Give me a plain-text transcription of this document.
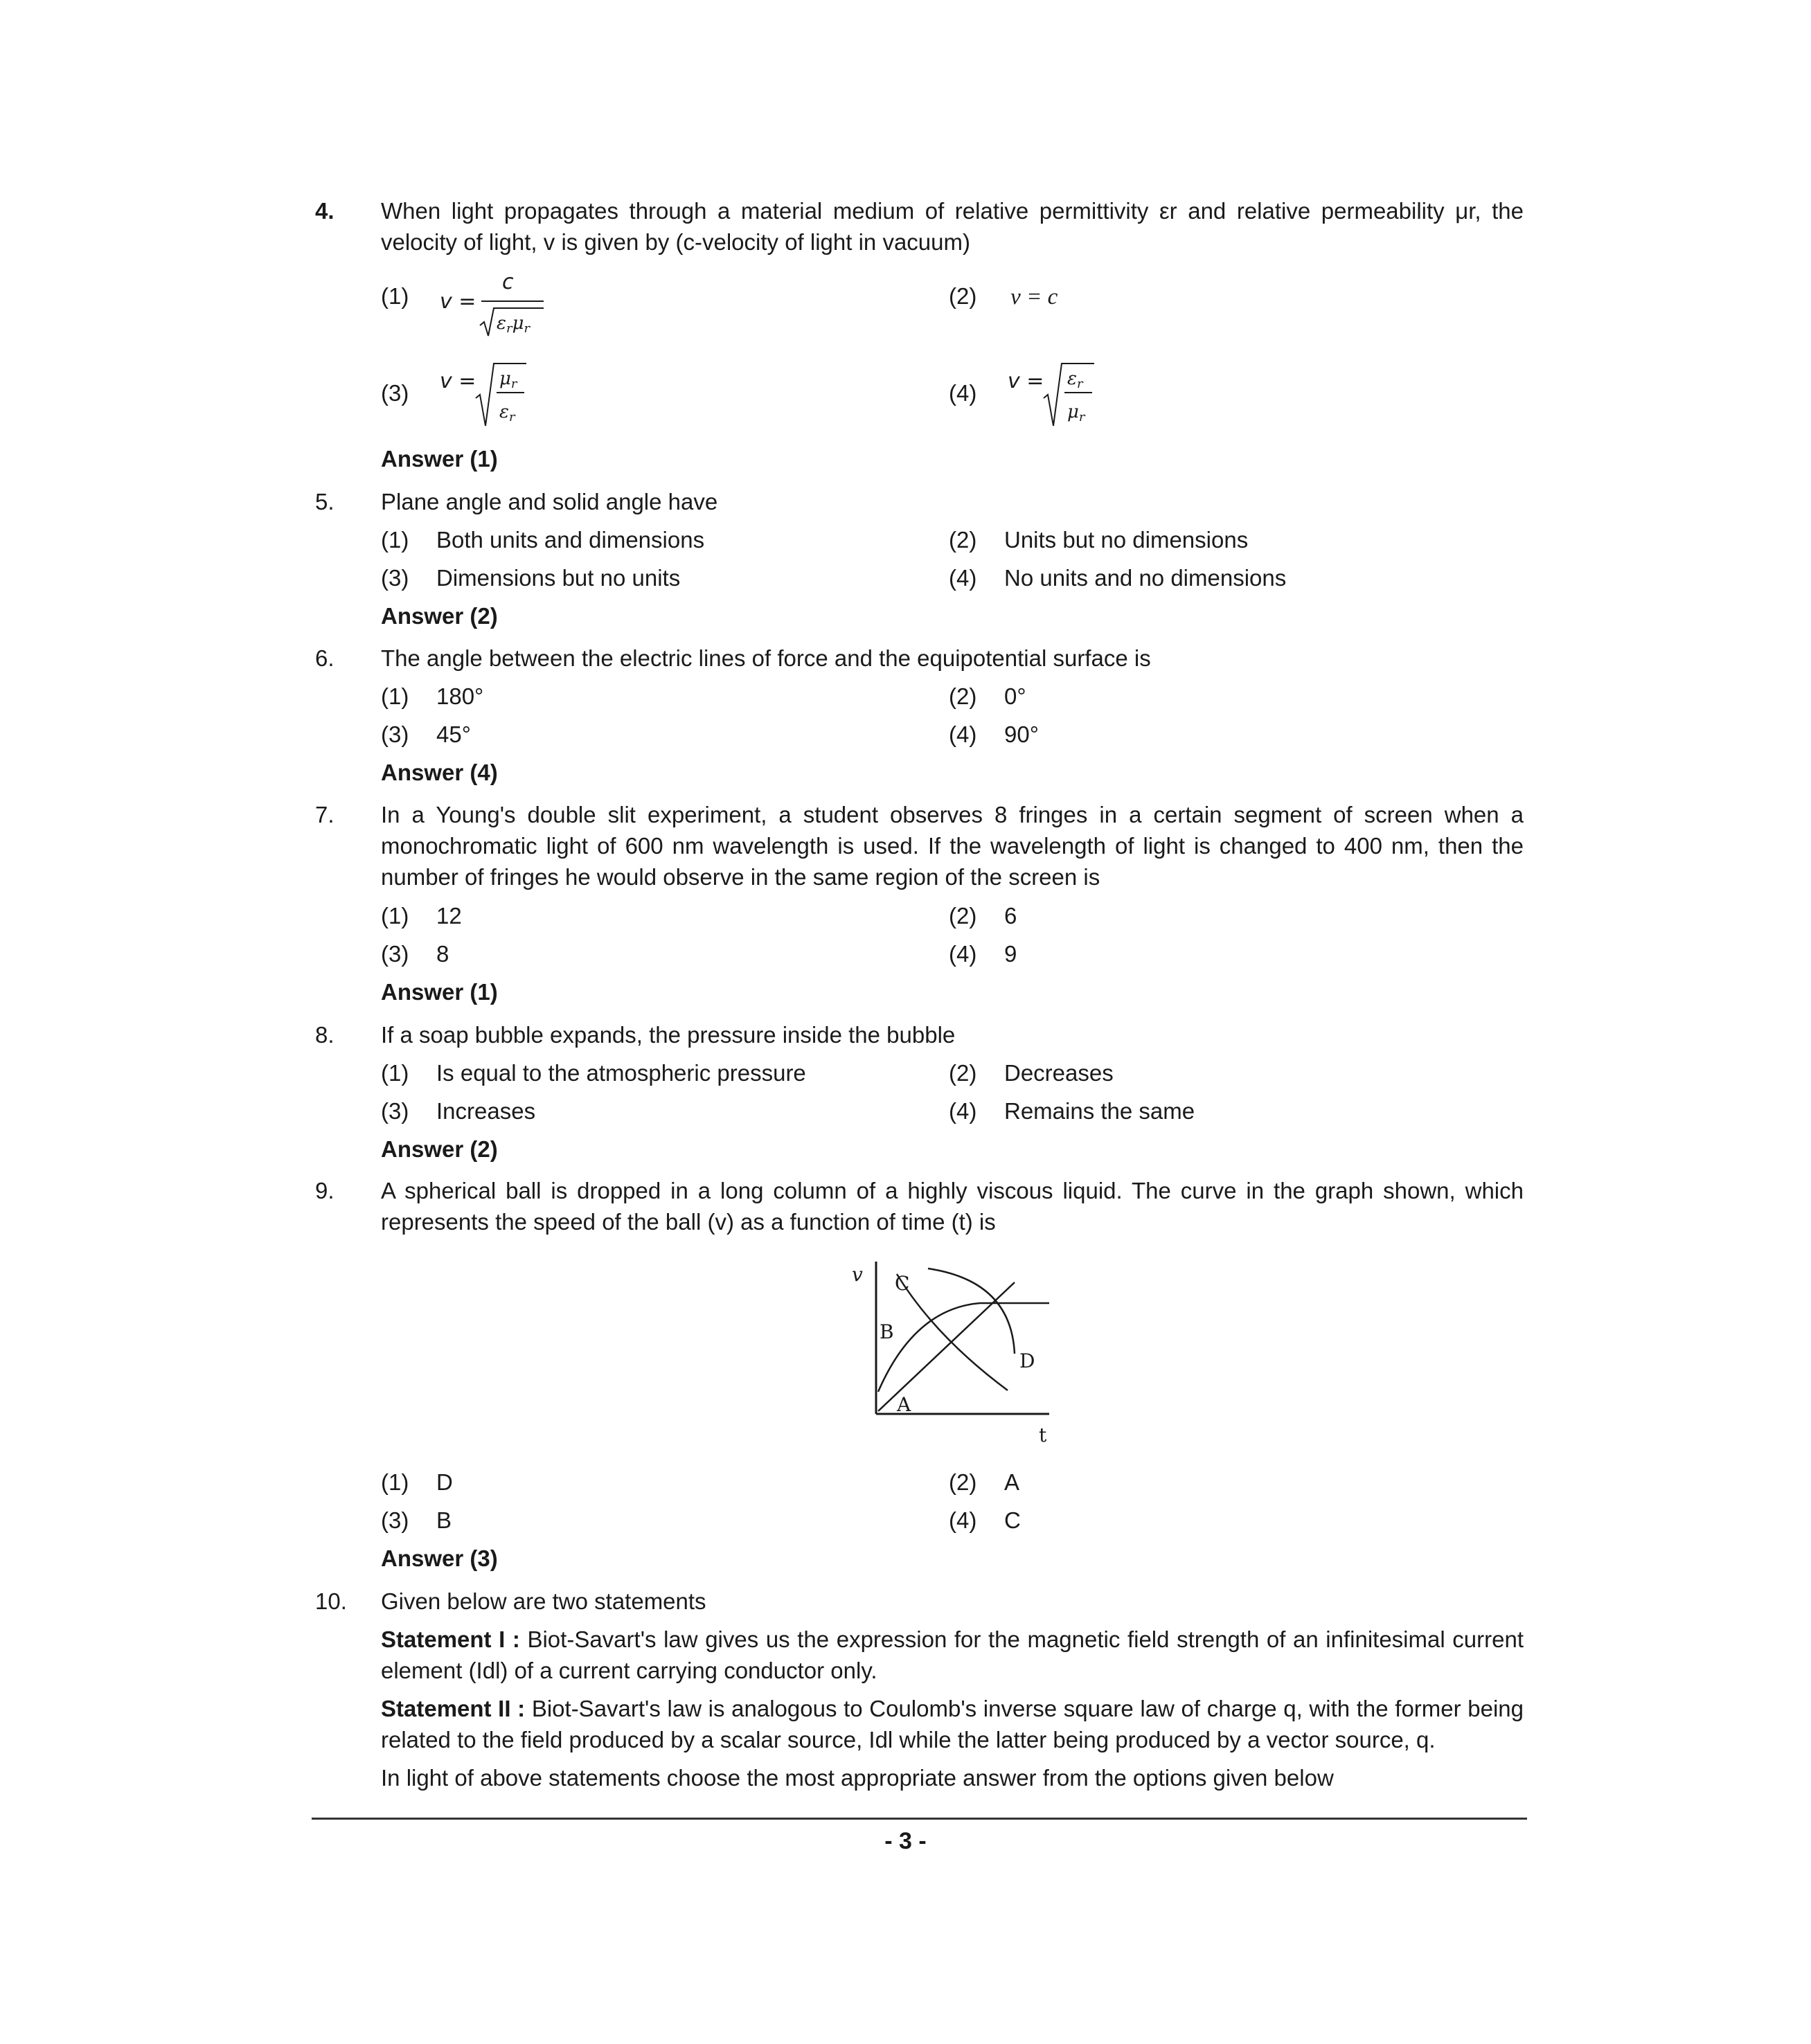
4. When light propagates through a material medium of relative permittivity εr and relative permeability μr, the velocity of light, v is given by (c-velocity of light in vacuum)
(1) v =
c
εrμr
(2) v = c
(3) v = μr
εr
(4) v = εr
μr
Answer (1)
5. Plane angle and solid angle have
(1) Both units and dimensions	(2) Units but no dimensions
(3) Dimensions but no units	(4) No units and no dimensions
Answer (2)
6. The angle between the electric lines of force and the equipotential surface is
(1) 180°	(2) 0°
(3) 45°	(4) 90°
Answer (4)
7. In a Young's double slit experiment, a student observes 8 fringes in a certain segment of screen when a monochromatic light of 600 nm wavelength is used. If the wavelength of light is changed to 400 nm, then the number of fringes he would observe in the same region of the screen is
(1) 12	(2) 6
(3) 8	(4) 9
Answer (1)
8. If a soap bubble expands, the pressure inside the bubble
(1) Is equal to the atmospheric pressure	(2) Decreases
(3) Increases	(4) Remains the same
Answer (2)
9. A spherical ball is dropped in a long column of a highly viscous liquid. The curve in the graph shown, which represents the speed of the ball (v) as a function of time (t) is
v
t
C
B
D
A
(1) D	(2) A
(3) B	(4) C
Answer (3)
10. Given below are two statements
Statement I : Biot-Savart's law gives us the expression for the magnetic field strength of an infinitesimal current element (Idl) of a current carrying conductor only.
Statement II : Biot-Savart's law is analogous to Coulomb's inverse square law of charge q, with the former being related to the field produced by a scalar source, Idl while the latter being produced by a vector source, q.
In light of above statements choose the most appropriate answer from the options given below
- 3 -
